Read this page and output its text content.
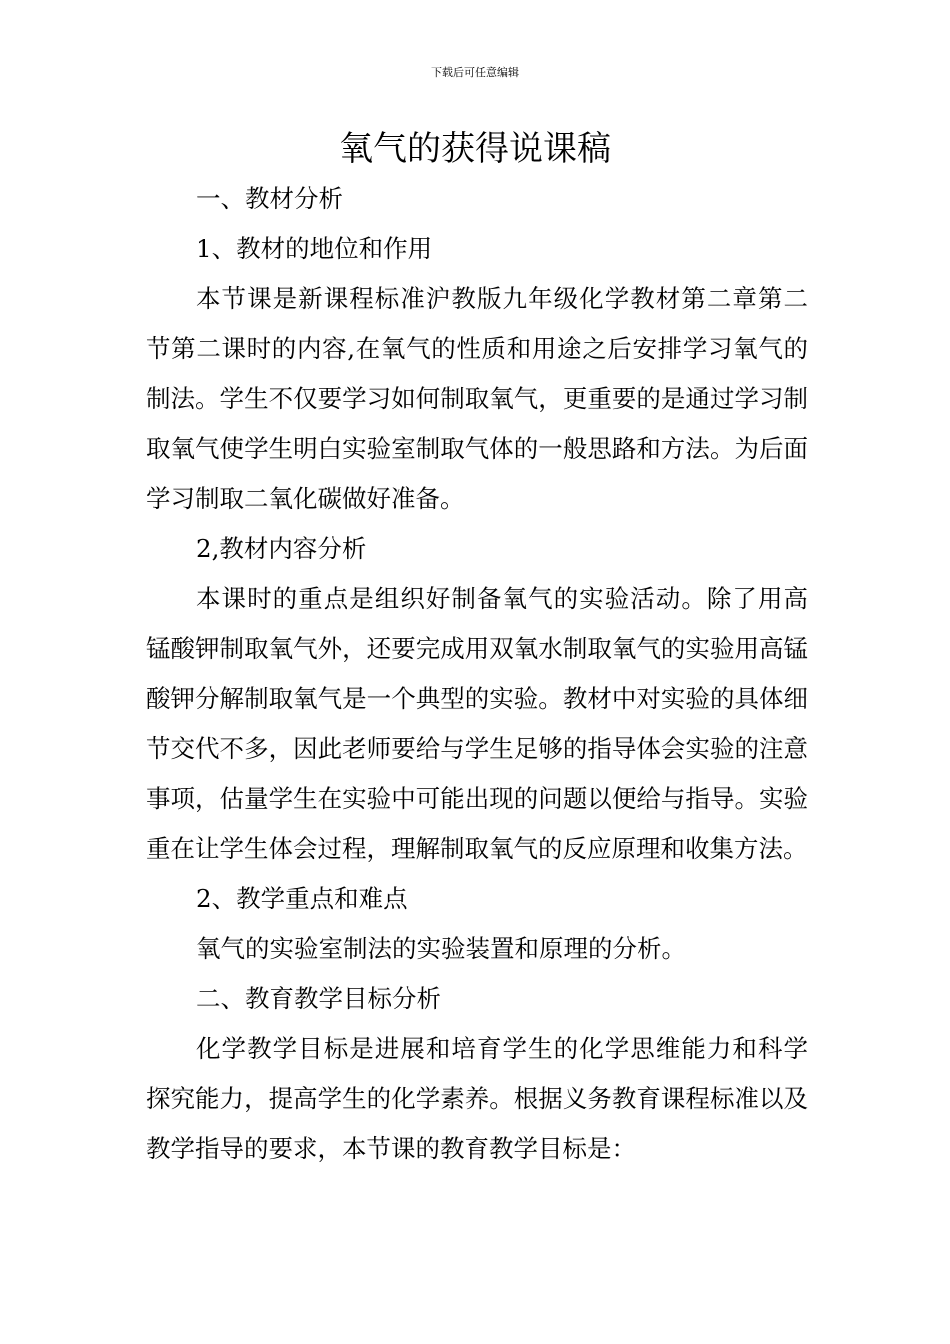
下载后可任意编辑
氧气的获得说课稿

一、教材分析

1、教材的地位和作用

本节课是新课程标准沪教版九年级化学教材第二章第二节第二课时的内容,在氧气的性质和用途之后安排学习氧气的制法。学生不仅要学习如何制取氧气，更重要的是通过学习制取氧气使学生明白实验室制取气体的一般思路和方法。为后面学习制取二氧化碳做好准备。

2,教材内容分析

本课时的重点是组织好制备氧气的实验活动。除了用高锰酸钾制取氧气外，还要完成用双氧水制取氧气的实验用高锰酸钾分解制取氧气是一个典型的实验。教材中对实验的具体细节交代不多，因此老师要给与学生足够的指导体会实验的注意事项，估量学生在实验中可能出现的问题以便给与指导。实验重在让学生体会过程，理解制取氧气的反应原理和收集方法。

2、教学重点和难点

氧气的实验室制法的实验装置和原理的分析。

二、教育教学目标分析

化学教学目标是进展和培育学生的化学思维能力和科学探究能力，提高学生的化学素养。根据义务教育课程标准以及教学指导的要求，本节课的教育教学目标是：
